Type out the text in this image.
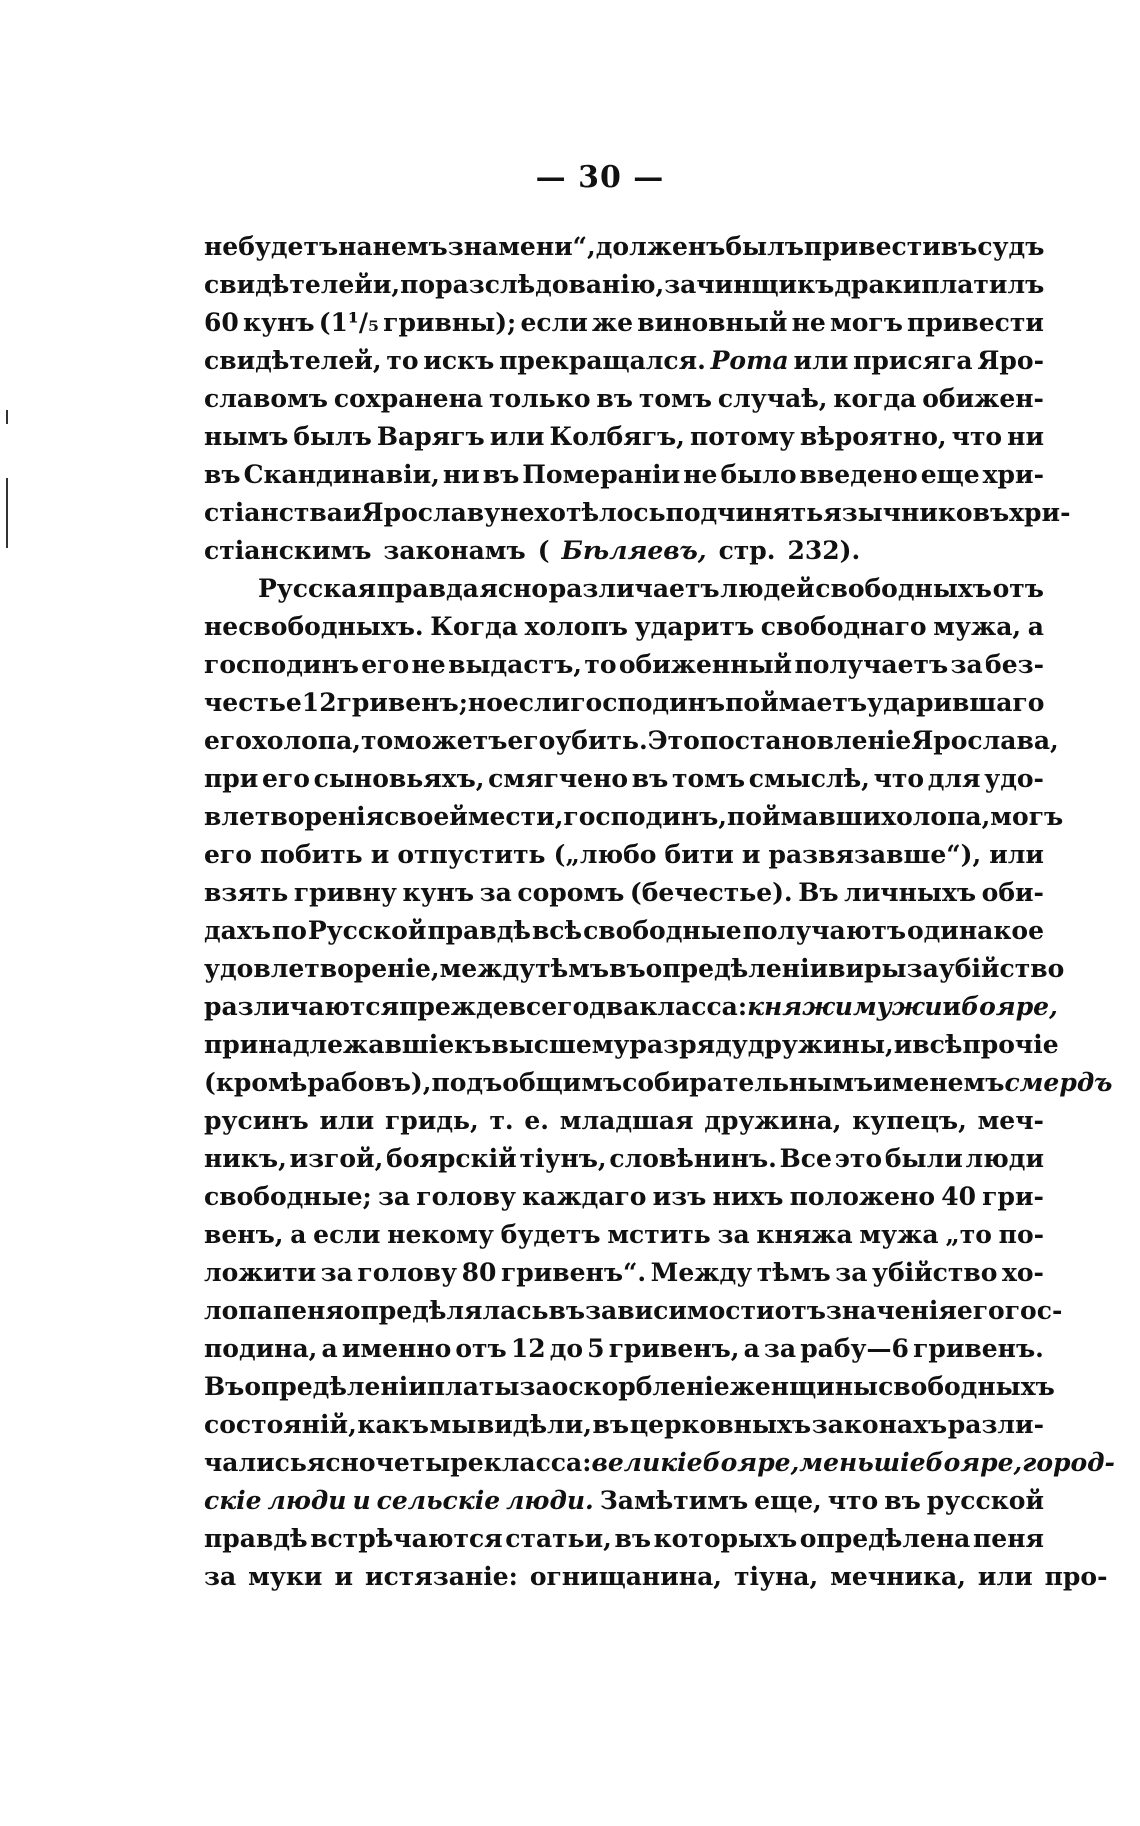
— 30 —
не будетъ на немъ знамени“, долженъ былъ привести въ судъ
свидѣтелей и, по разслѣдованію, зачинщикъ драки платилъ
60 кунъ (1¹/₅ гривны); если же виновный не могъ привести
свидѣтелей, то искъ прекращался. Рота или присяга Яро-
славомъ сохранена только въ томъ случаѣ, когда обижен-
нымъ былъ Варягъ или Колбягъ, потому вѣроятно, что ни
въ Скандинавіи, ни въ Помераніи не было введено еще хри-
стіанства и Ярославу не хотѣлось подчинять язычниковъ хри-
стіанскимъ законамъ ( Бѣляевъ, стр. 232).
Русская правда ясно различаетъ людей свободныхъ отъ
несвободныхъ. Когда холопъ ударитъ свободнаго мужа, а
господинъ его не выдастъ, то обиженный получаетъ за без-
честье 12 гривенъ; но если господинъ поймаетъ ударившаго
его холопа, то можетъ его убить. Это постановленіе Ярослава,
при его сыновьяхъ, смягчено въ томъ смыслѣ, что для удо-
влетворенія своей мести, господинъ, поймавши холопа, могъ
его побить и отпустить („любо бити и развязавше“), или
взять гривну кунъ за соромъ (бечестье). Въ личныхъ оби-
дахъ по Русской правдѣ всѣ свободные получаютъ одинакое
удовлетвореніе, между тѣмъ въ опредѣленіи виры за убійство
различаются прежде всего два класса: княжи мужи и бояре,
принадлежавшіе къ высшему разряду дружины, и всѣ прочіе
(кромѣ рабовъ), подъ общимъ собирательнымъ именемъ смердъ
русинъ или гридь, т. е. младшая дружина, купецъ, меч-
никъ, изгой, боярскій тіунъ, словѣнинъ. Все это были люди
свободные; за голову каждаго изъ нихъ положено 40 гри-
венъ, а если некому будетъ мстить за княжа мужа „то по-
ложити за голову 80 гривенъ“. Между тѣмъ за убійство хо-
лопа пеня опредѣлялась въ зависимости отъ значенія его гос-
подина, а именно отъ 12 до 5 гривенъ, а за рабу—6 гривенъ.
Въ опредѣленіи платы за оскорбленіе женщины свободныхъ
состояній, какъ мы видѣли, въ церковныхъ законахъ разли-
чались ясно четыре класса: великіе бояре, меньшіе бояре, город-
скіе люди и сельскіе люди. Замѣтимъ еще, что въ русской
правдѣ встрѣчаются статьи, въ которыхъ опредѣлена пеня
за муки и истязаніе: огнищанина, тіуна, мечника, или про-
